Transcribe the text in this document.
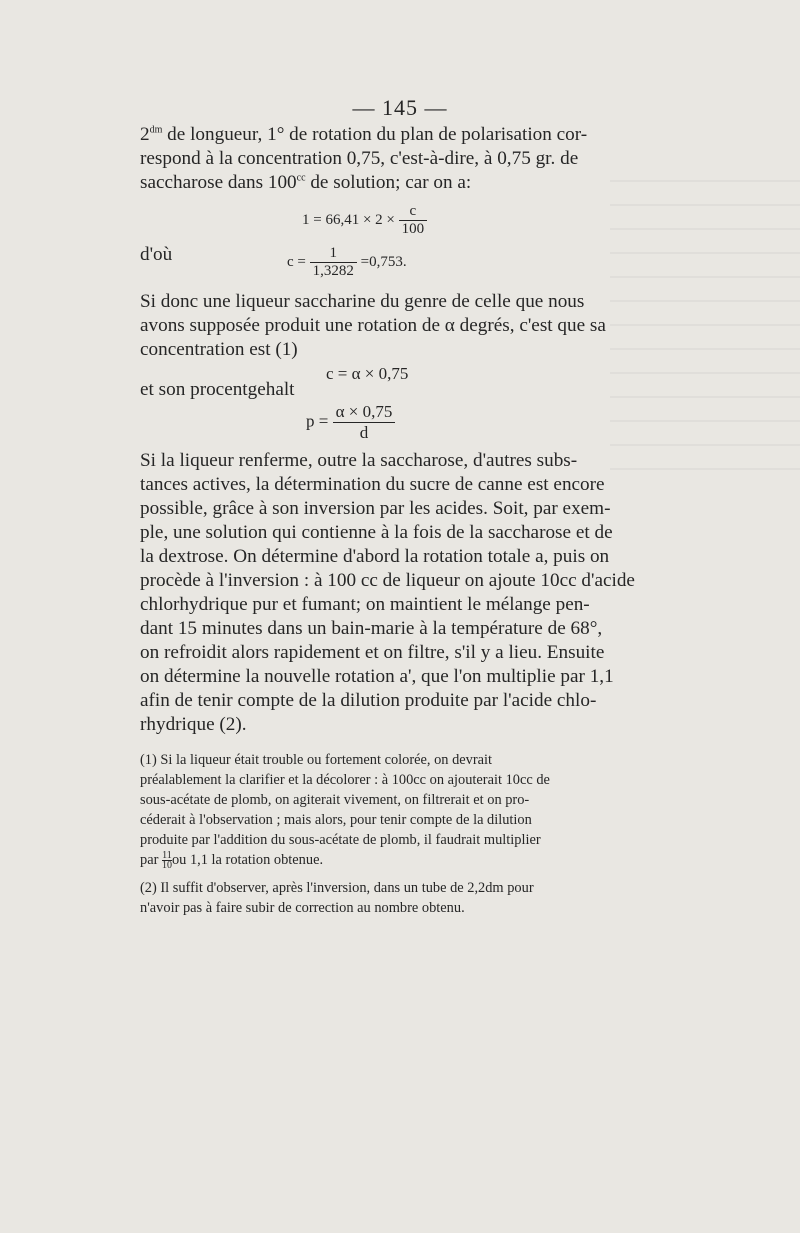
— 145 —
$2^{dm}$ de longueur, 1° de rotation du plan de polarisation cor-
respond à la concentration 0,75, c'est-à-dire, à 0,75 gr. de
saccharose dans $100^{cc}$ de solution; car on a:
$1 = 66,41 \times 2 \times \frac{c}{100}$
d'où	$c = \frac{1}{1,3282} =0,753$.
Si donc une liqueur saccharine du genre de celle que nous
avons supposée produit une rotation de α degrés, c'est que sa
concentration est (1)
c = α × 0,75
et son procentgehalt
$p = \frac{\alpha \times 0,75}{d}$
Si la liqueur renferme, outre la saccharose, d'autres subs-
tances actives, la détermination du sucre de canne est encore
possible, grâce à son inversion par les acides. Soit, par exem-
ple, une solution qui contienne à la fois de la saccharose et de
la dextrose. On détermine d'abord la rotation totale a, puis on
procède à l'inversion : à 100 cc de liqueur on ajoute 10cc d'acide
chlorhydrique pur et fumant; on maintient le mélange pen-
dant 15 minutes dans un bain-marie à la température de 68°,
on refroidit alors rapidement et on filtre, s'il y a lieu. Ensuite
on détermine la nouvelle rotation a', que l'on multiplie par 1,1
afin de tenir compte de la dilution produite par l'acide chlo-
rhydrique (2).
(1) Si la liqueur était trouble ou fortement colorée, on devrait
préalablement la clarifier et la décolorer : à 100cc on ajouterait 10cc de
sous-acétate de plomb, on agiterait vivement, on filtrerait et on pro-
céderait à l'observation ; mais alors, pour tenir compte de la dilution
produite par l'addition du sous-acétate de plomb, il faudrait multiplier
par $\frac{11}{10}$ ou 1,1 la rotation obtenue.
(2) Il suffit d'observer, après l'inversion, dans un tube de 2,2dm pour
n'avoir pas à faire subir de correction au nombre obtenu.
